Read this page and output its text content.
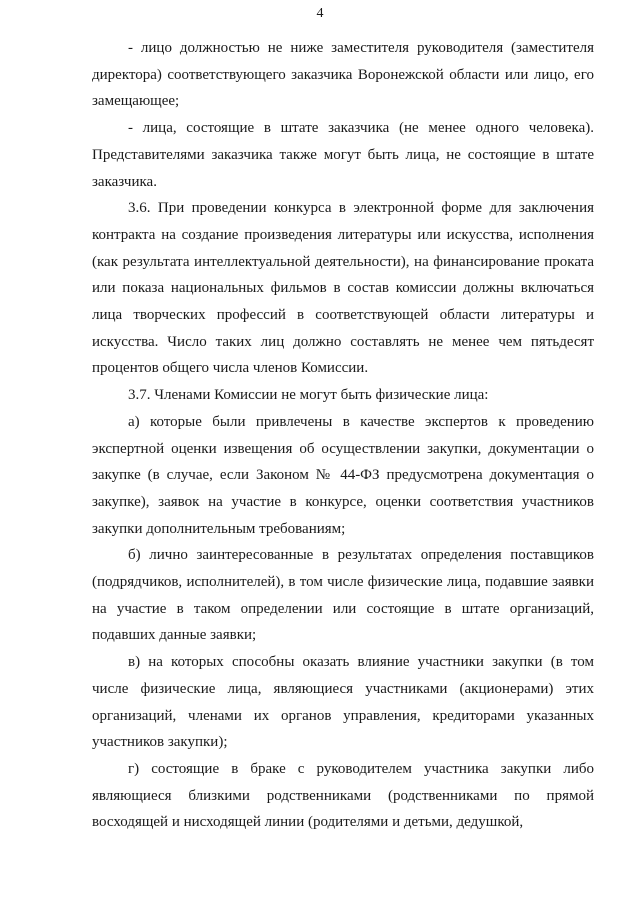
4

- лицо должностью не ниже заместителя руководителя (заместителя директора) соответствующего заказчика Воронежской области или лицо, его замещающее;

- лица, состоящие в штате заказчика (не менее одного человека). Представителями заказчика также могут быть лица, не состоящие в штате заказчика.

3.6. При проведении конкурса в электронной форме для заключения контракта на создание произведения литературы или искусства, исполнения (как результата интеллектуальной деятельности), на финансирование проката или показа национальных фильмов в состав комиссии должны включаться лица творческих профессий в соответствующей области литературы и искусства. Число таких лиц должно составлять не менее чем пятьдесят процентов общего числа членов Комиссии.

3.7. Членами Комиссии не могут быть физические лица:

а) которые были привлечены в качестве экспертов к проведению экспертной оценки извещения об осуществлении закупки, документации о закупке (в случае, если Законом № 44-ФЗ предусмотрена документация о закупке), заявок на участие в конкурсе, оценки соответствия участников закупки дополнительным требованиям;

б) лично заинтересованные в результатах определения поставщиков (подрядчиков, исполнителей), в том числе физические лица, подавшие заявки на участие в таком определении или состоящие в штате организаций, подавших данные заявки;

в) на которых способны оказать влияние участники закупки (в том числе физические лица, являющиеся участниками (акционерами) этих организаций, членами их органов управления, кредиторами указанных участников закупки);

г) состоящие в браке с руководителем участника закупки либо являющиеся близкими родственниками (родственниками по прямой восходящей и нисходящей линии (родителями и детьми, дедушкой,
